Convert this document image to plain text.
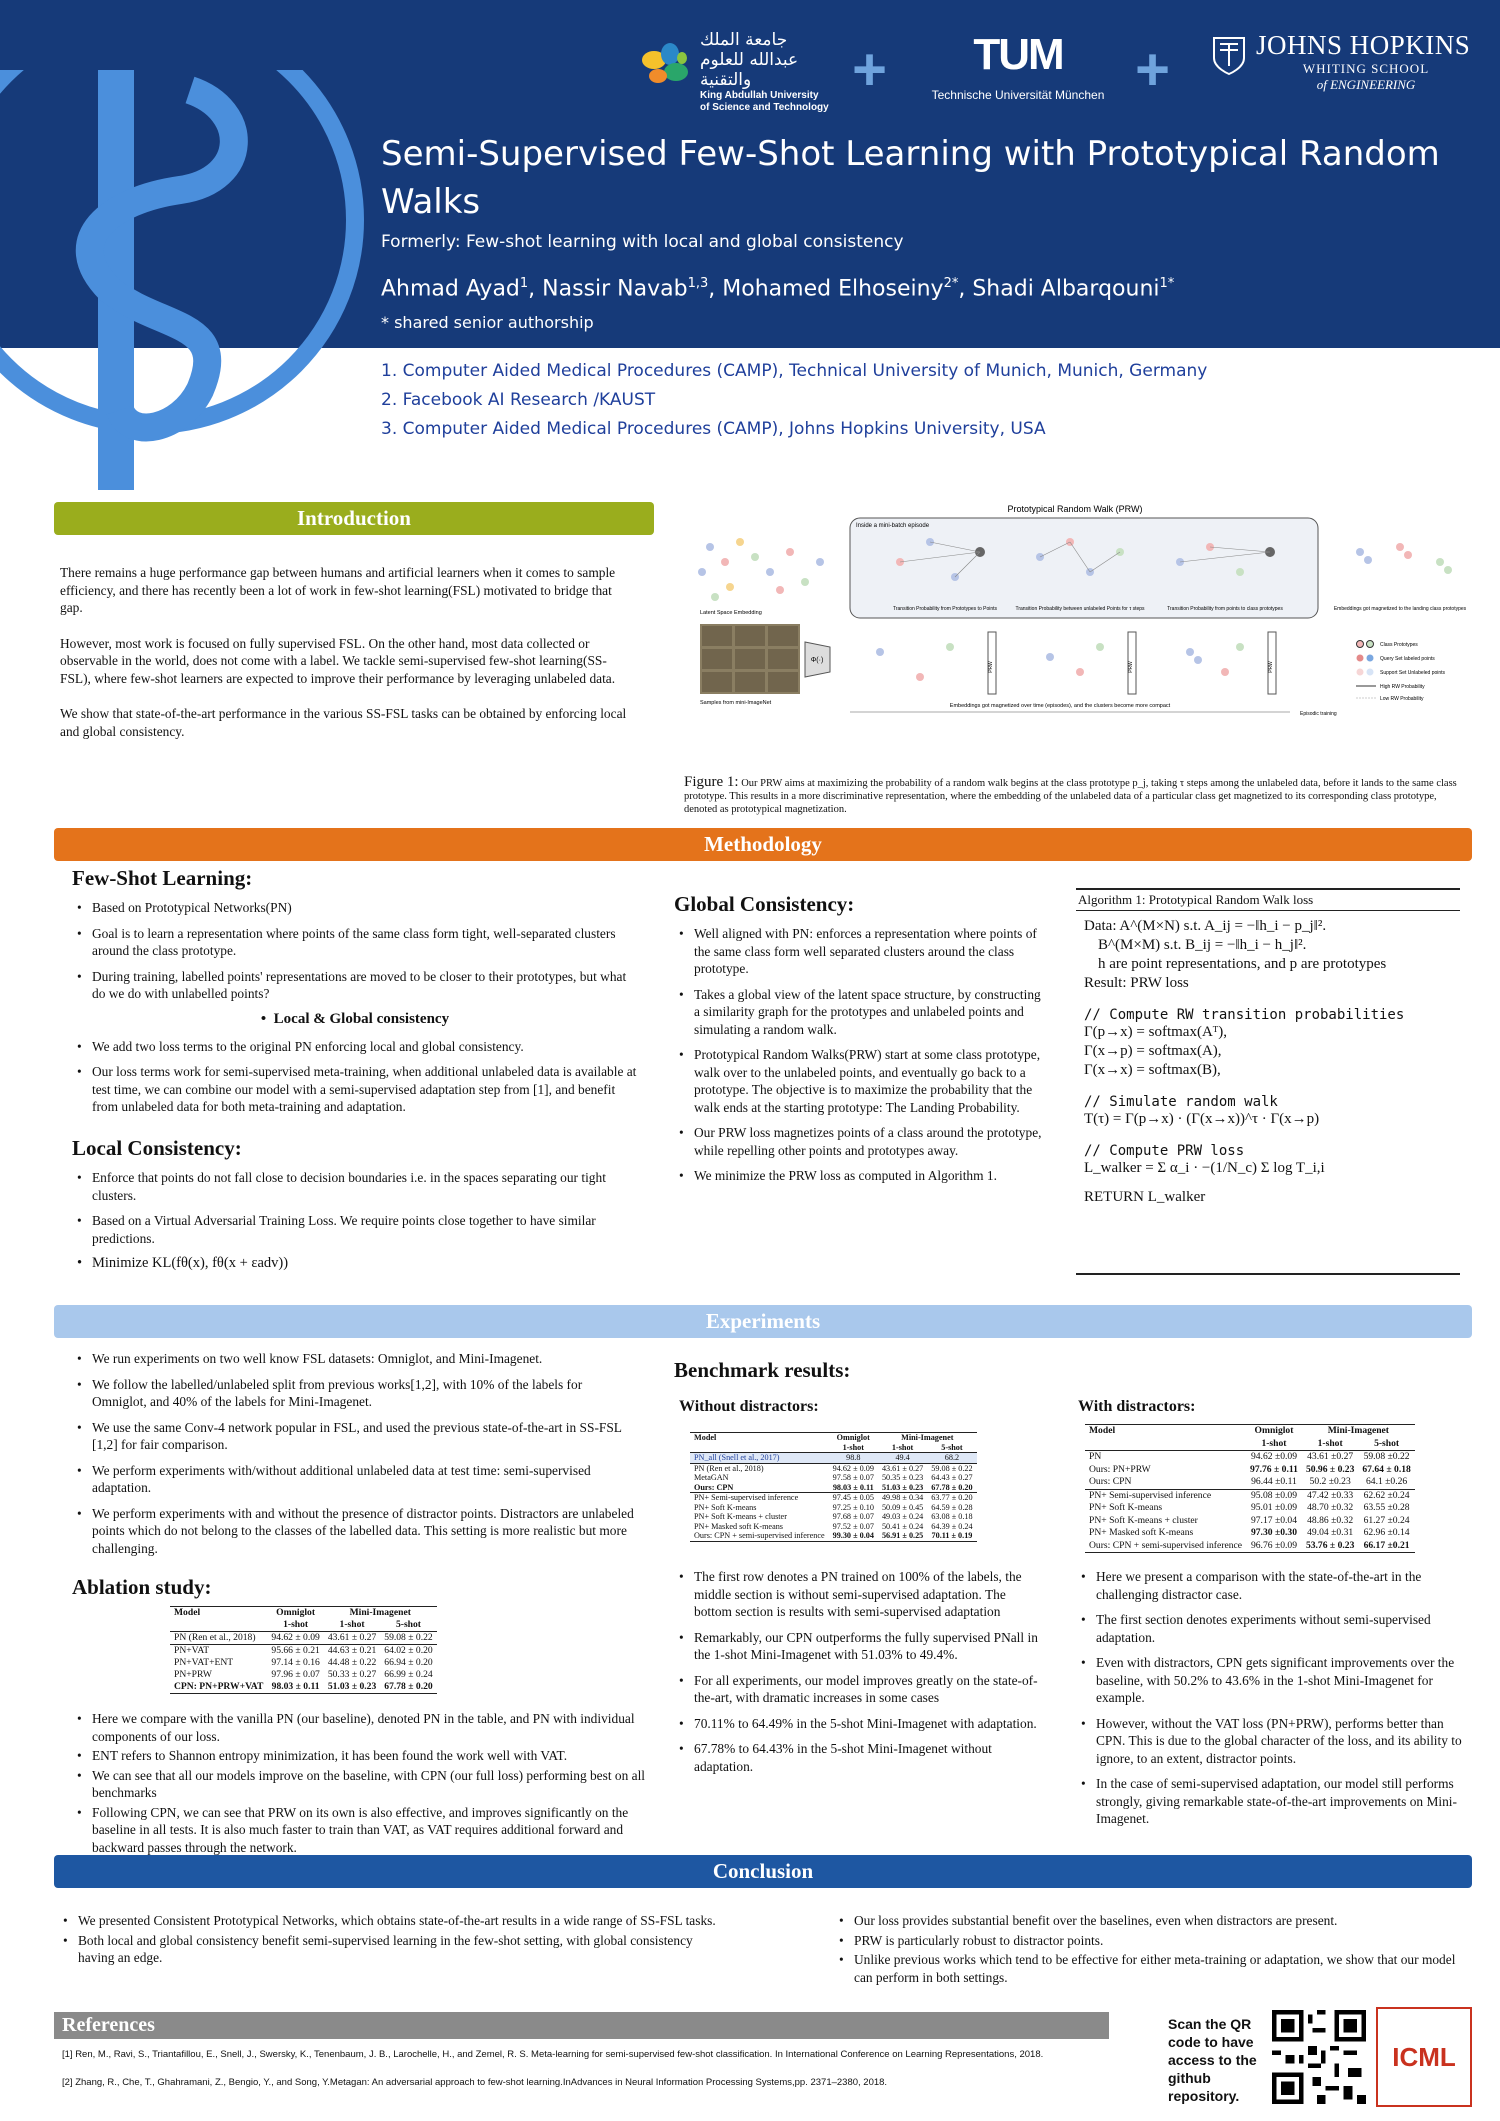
جامعة الملك عبدالله للعلوم والتقنية
King Abdullah University of Science and Technology
+	TUM
Technische Universität München +	JOHNS HOPKINS
WHITING SCHOOL
of ENGINEERING
Semi-Supervised Few-Shot Learning with Prototypical Random Walks
Formerly: Few-shot learning with local and global consistency
Ahmad Ayad$^1$, Nassir Navab$^{1,3}$, Mohamed Elhoseiny$^{2*}$, Shadi Albarqouni$^{1*}$
* shared senior authorship
1. Computer Aided Medical Procedures (CAMP), Technical University of Munich, Munich, Germany
2. Facebook AI Research /KAUST
3. Computer Aided Medical Procedures (CAMP), Johns Hopkins University, USA
Introduction

There remains a huge performance gap between humans and artificial learners when it comes to sample efficiency, and there has recently been a lot of work in few-shot learning(FSL) motivated to bridge that gap.

However, most work is focused on fully supervised FSL. On the other hand, most data collected or observable in the world, does not come with a label. We tackle semi-supervised few-shot learning(SS-FSL), where few-shot learners are expected to improve their performance by leveraging unlabeled data.

We show that state-of-the-art performance in the various SS-FSL tasks can be obtained by enforcing local and global consistency.

Prototypical Random Walk (PRW)
Inside a mini-batch episode
Latent Space Embedding
Transition Probability from Prototypes to Points	Transition Probability between unlabeled Points for τ steps	Transition Probability from points to class prototypes	Embeddings got magnetized to the landing class prototypes
Samples from mini-ImageNet
Φ(·)
PRW	PRW	PRW
Embeddings got magnetized over time (episodes), and the clusters become more compact
Episodic training
Class Prototypes
Query Set labeled points
Support Set Unlabeled points
High RW Probability
Low RW Probability
Figure 1: Our PRW aims at maximizing the probability of a random walk begins at the class prototype p_j, taking τ steps among the unlabeled data, before it lands to the same class prototype. This results in a more discriminative representation, where the embedding of the unlabeled data of a particular class get magnetized to its corresponding class prototype, denoted as prototypical magnetization.
Methodology
Few-Shot Learning:
• Based on Prototypical Networks(PN)
• Goal is to learn a representation where points of the same class form tight, well-separated clusters around the class prototype.
• During training, labelled points' representations are moved to be closer to their prototypes, but what do we do with unlabelled points?
•  Local & Global consistency
• We add two loss terms to the original PN enforcing local and global consistency.
• Our loss terms work for semi-supervised meta-training, when additional unlabeled data is available at test time, we can combine our model with a semi-supervised adaptation step from [1], and benefit from unlabeled data for both meta-training and adaptation.
Local Consistency:
• Enforce that points do not fall close to decision boundaries i.e. in the spaces separating our tight clusters.
• Based on a Virtual Adversarial Training Loss. We require points close together to have similar predictions.
• Minimize KL(fθ(x), fθ(x + εadv))
Global Consistency:
• Well aligned with PN: enforces a representation where points of the same class form well separated clusters around the class prototype.
• Takes a global view of the latent space structure, by constructing a similarity graph for the prototypes and unlabeled points and simulating a random walk.
• Prototypical Random Walks(PRW) start at some class prototype, walk over to the unlabeled points, and eventually go back to a prototype. The objective is to maximize the probability that the walk ends at the starting prototype: The Landing Probability.
• Our PRW loss magnetizes points of a class around the prototype, while repelling other points and prototypes away.
• We minimize the PRW loss as computed in Algorithm 1.
Algorithm 1: Prototypical Random Walk loss
Data: A^(M×N) s.t. A_ij = −‖h_i − p_j‖².
B^(M×M) s.t. B_ij = −‖h_i − h_j‖².
h are point representations, and p are prototypes
Result: PRW loss
// Compute RW transition probabilities
Γ(p→x) = softmax(Aᵀ),
Γ(x→p) = softmax(A),
Γ(x→x) = softmax(B),
// Simulate random walk
T(τ) = Γ(p→x) · (Γ(x→x))^τ · Γ(x→p)
// Compute PRW loss
L_walker = Σ α_i · −(1/N_c) Σ log T_i,i
RETURN L_walker
Experiments
• We run experiments on two well know FSL datasets: Omniglot, and Mini-Imagenet.
• We follow the labelled/unlabeled split from previous works[1,2], with 10% of the labels for Omniglot, and 40% of the labels for Mini-Imagenet.
• We use the same Conv-4 network popular in FSL, and used the previous state-of-the-art in SS-FSL [1,2] for fair comparison.
• We perform experiments with/without additional unlabeled data at test time: semi-supervised adaptation.
• We perform experiments with and without the presence of distractor points. Distractors are unlabeled points which do not belong to the classes of the labelled data. This setting is more realistic but more challenging.
Ablation study:
Model	Omniglot	Mini-Imagenet	
	1-shot	1-shot	5-shot
PN (Ren et al., 2018)	94.62 ± 0.09	43.61 ± 0.27	59.08 ± 0.22
PN+VAT	95.66 ± 0.21	44.63 ± 0.21	64.02 ± 0.20
PN+VAT+ENT	97.14 ± 0.16	44.48 ± 0.22	66.94 ± 0.20
PN+PRW	97.96 ± 0.07	50.33 ± 0.27	66.99 ± 0.24
CPN: PN+PRW+VAT	98.03 ± 0.11	51.03 ± 0.23	67.78 ± 0.20
• Here we compare with the vanilla PN (our baseline), denoted PN in the table, and PN with individual components of our loss.
• ENT refers to Shannon entropy minimization, it has been found the work well with VAT.
• We can see that all our models improve on the baseline, with CPN (our full loss) performing best on all benchmarks
• Following CPN, we can see that PRW on its own is also effective, and improves significantly on the baseline in all tests. It is also much faster to train than VAT, as VAT requires additional forward and backward passes through the network.
Benchmark results:
Without distractors:
Model	Omniglot	Mini-Imagenet	
	1-shot	1-shot	5-shot
PN_all (Snell et al., 2017)	98.8	49.4	68.2
PN (Ren et al., 2018)	94.62 ± 0.09	43.61 ± 0.27	59.08 ± 0.22
MetaGAN	97.58 ± 0.07	50.35 ± 0.23	64.43 ± 0.27
Ours: CPN	98.03 ± 0.11	51.03 ± 0.23	67.78 ± 0.20
PN+ Semi-supervised inference	97.45 ± 0.05	49.98 ± 0.34	63.77 ± 0.20
PN+ Soft K-means	97.25 ± 0.10	50.09 ± 0.45	64.59 ± 0.28
PN+ Soft K-means + cluster	97.68 ± 0.07	49.03 ± 0.24	63.08 ± 0.18
PN+ Masked soft K-means	97.52 ± 0.07	50.41 ± 0.24	64.39 ± 0.24
Ours: CPN + semi-supervised inference	99.30 ± 0.04	56.91 ± 0.25	70.11 ± 0.19
• The first row denotes a PN trained on 100% of the labels, the middle section is without semi-supervised adaptation. The bottom section is results with semi-supervised adaptation
• Remarkably, our CPN outperforms the fully supervised PNall in the 1-shot Mini-Imagenet with 51.03% to 49.4%.
• For all experiments, our model improves greatly on the state-of-the-art, with dramatic increases in some cases
• 70.11% to 64.49% in the 5-shot Mini-Imagenet with adaptation.
• 67.78% to 64.43% in the 5-shot Mini-Imagenet without adaptation.
With distractors:
Model	Omniglot	Mini-Imagenet	
	1-shot	1-shot	5-shot
PN	94.62 ±0.09	43.61 ±0.27	59.08 ±0.22
Ours: PN+PRW	97.76 ± 0.11	50.96 ± 0.23	67.64 ± 0.18
Ours: CPN	96.44 ±0.11	50.2 ±0.23	64.1 ±0.26
PN+ Semi-supervised inference	95.08 ±0.09	47.42 ±0.33	62.62 ±0.24
PN+ Soft K-means	95.01 ±0.09	48.70 ±0.32	63.55 ±0.28
PN+ Soft K-means + cluster	97.17 ±0.04	48.86 ±0.32	61.27 ±0.24
PN+ Masked soft K-means	97.30 ±0.30	49.04 ±0.31	62.96 ±0.14
Ours: CPN + semi-supervised inference	96.76 ±0.09	53.76 ± 0.23	66.17 ±0.21
• Here we present a comparison with the state-of-the-art in the challenging distractor case.
• The first section denotes experiments without semi-supervised adaptation.
• Even with distractors, CPN gets significant improvements over the baseline, with 50.2% to 43.6% in the 1-shot Mini-Imagenet for example.
• However, without the VAT loss (PN+PRW), performs better than CPN. This is due to the global character of the loss, and its ability to ignore, to an extent, distractor points.
• In the case of semi-supervised adaptation, our model still performs strongly, giving remarkable state-of-the-art improvements on Mini-Imagenet.
Conclusion
• We presented Consistent Prototypical Networks, which obtains state-of-the-art results in a wide range of SS-FSL tasks.
• Both local and global consistency benefit semi-supervised learning in the few-shot setting, with global consistency having an edge.
• Our loss provides substantial benefit over the baselines, even when distractors are present.
• PRW is particularly robust to distractor points.
• Unlike previous works which tend to be effective for either meta-training or adaptation, we show that our model can perform in both settings.
References

[1] Ren, M., Ravi, S., Triantafillou, E., Snell, J., Swersky, K., Tenenbaum, J. B., Larochelle, H., and Zemel, R. S. Meta-learning for semi-supervised few-shot classification. In International Conference on Learning Representations, 2018.

[2] Zhang, R., Che, T., Ghahramani, Z., Bengio, Y., and Song, Y.Metagan: An adversarial approach to few-shot learning.InAdvances in Neural Information Processing Systems,pp. 2371–2380, 2018.

Scan the QR code to have access to the github repository.
ICML
